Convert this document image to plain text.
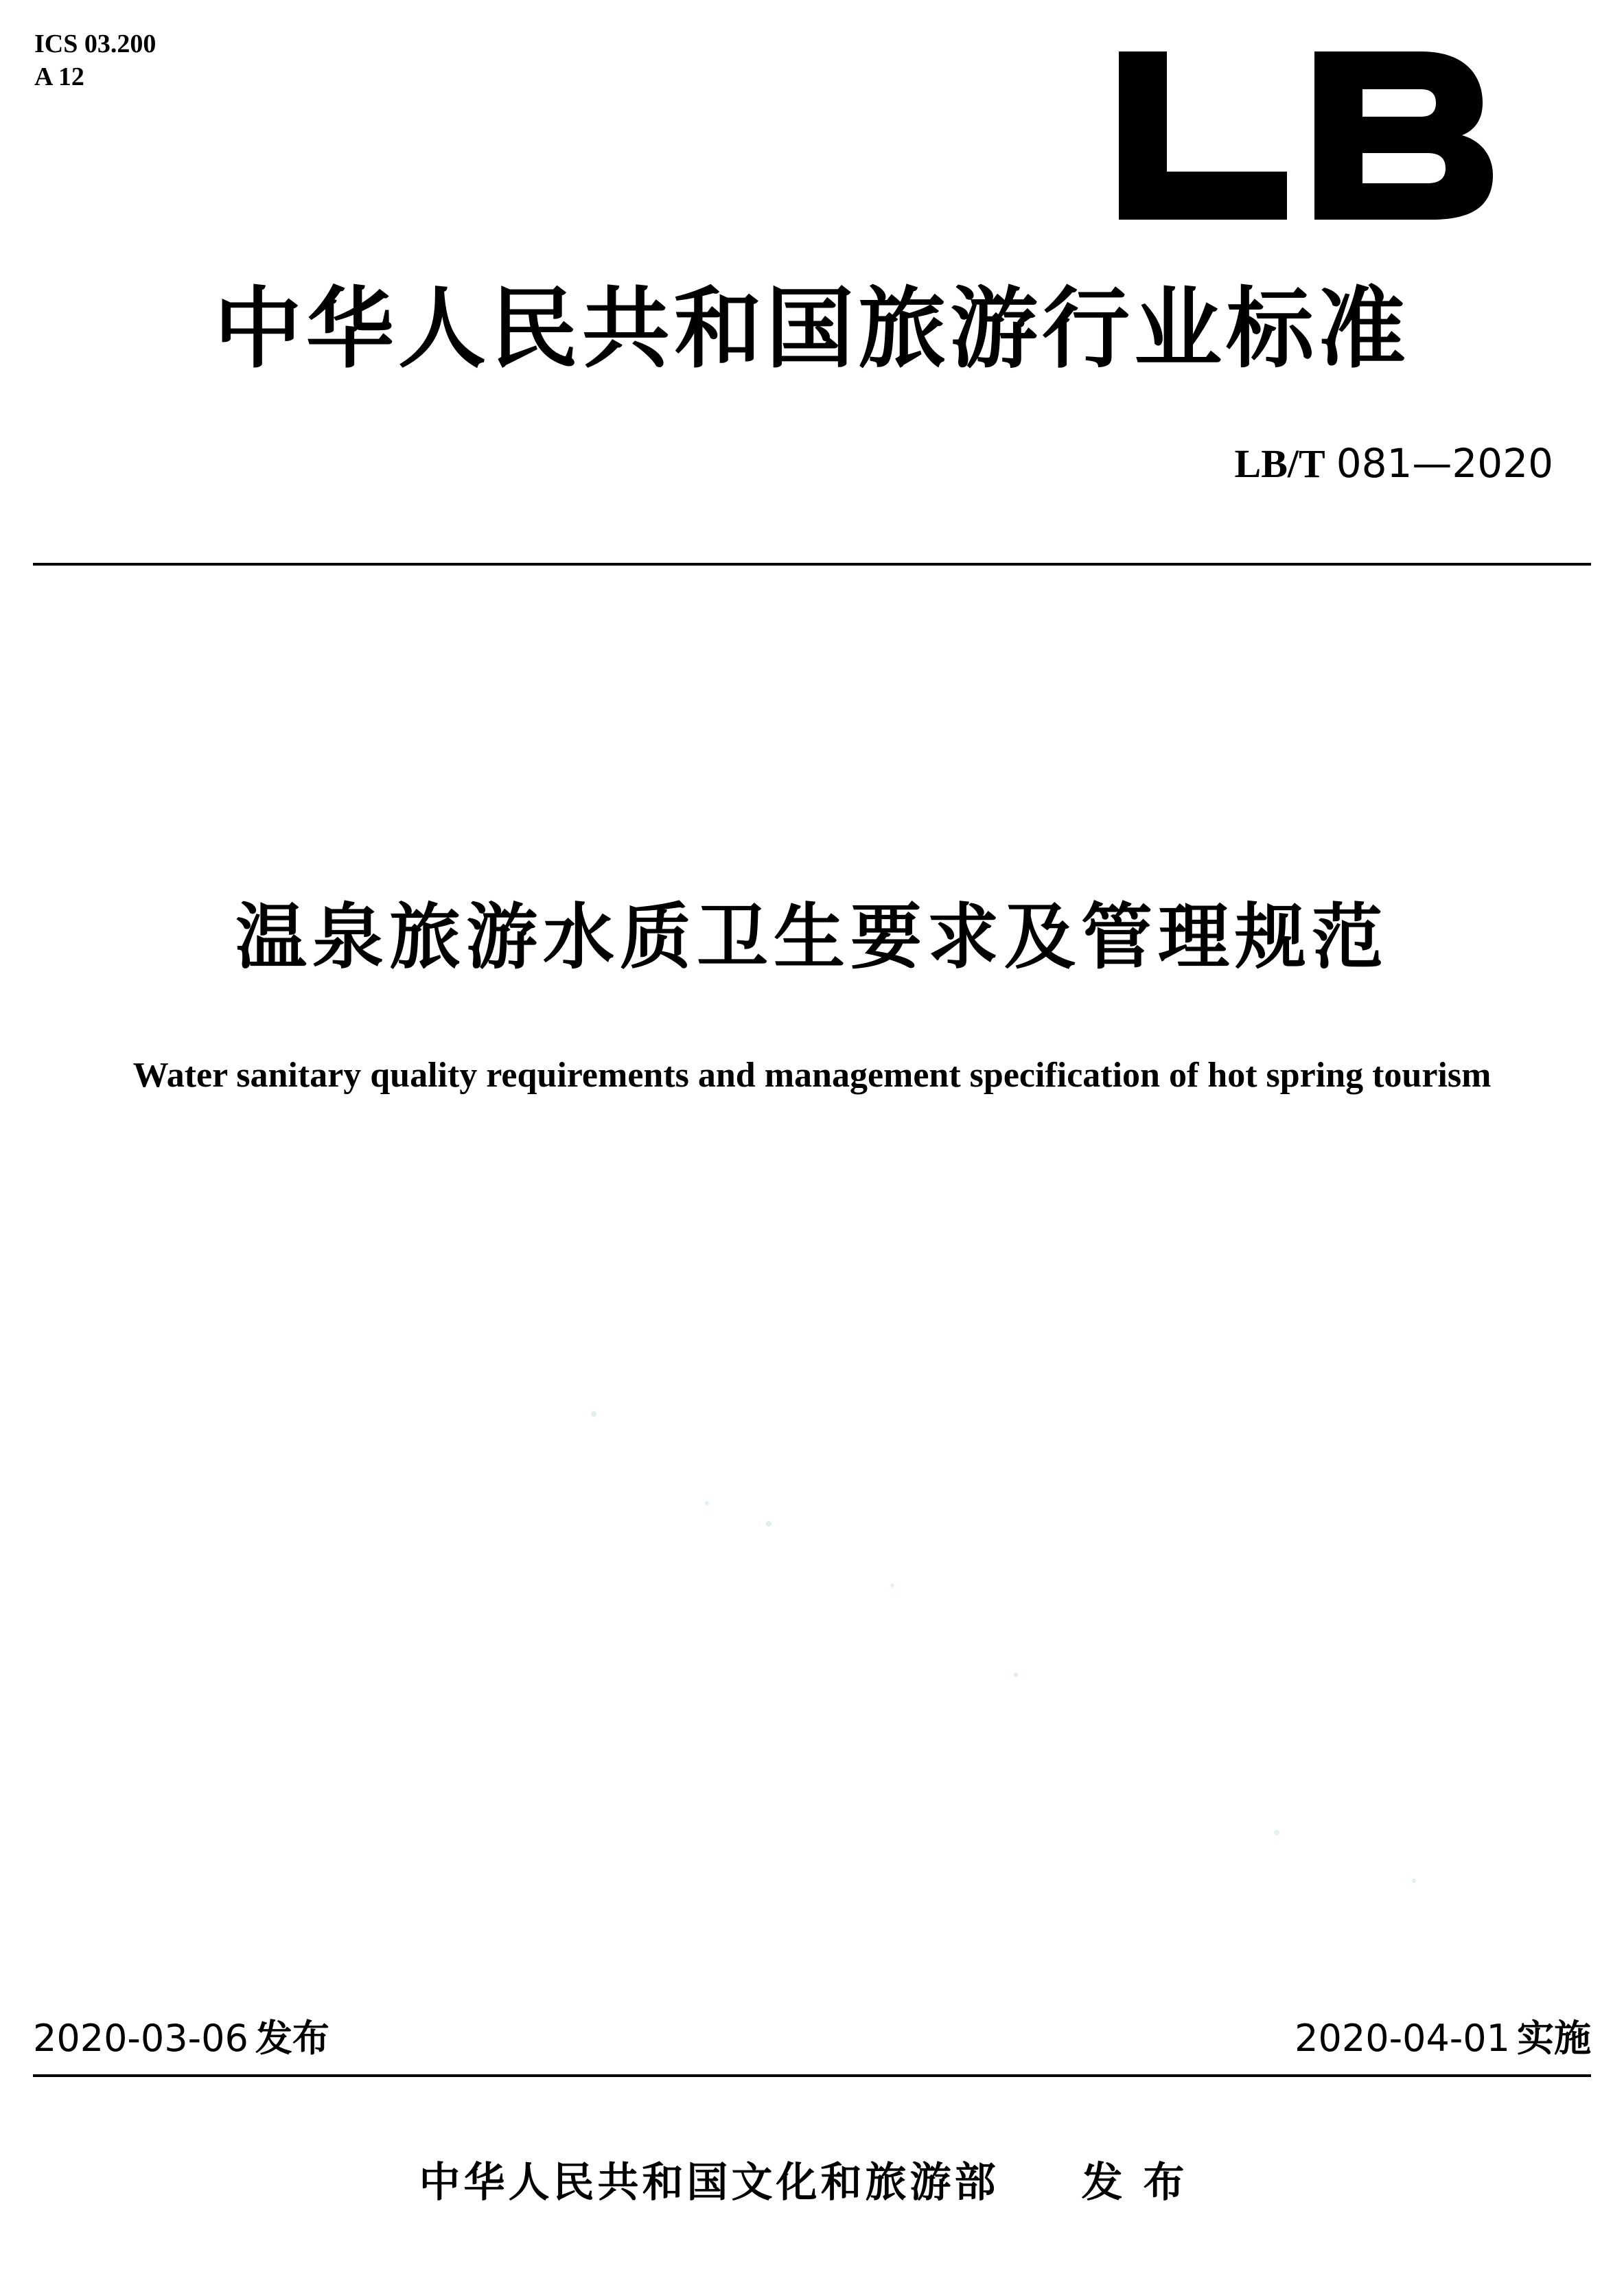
ICS 03.200
A 12
中华人民共和国旅游行业标准
LB/T 081—2020
温泉旅游水质卫生要求及管理规范
Water sanitary quality requirements and management specification of hot spring tourism
2020-03-06 发布	2020-04-01 实施
中华人民共和国文化和旅游部 发布
